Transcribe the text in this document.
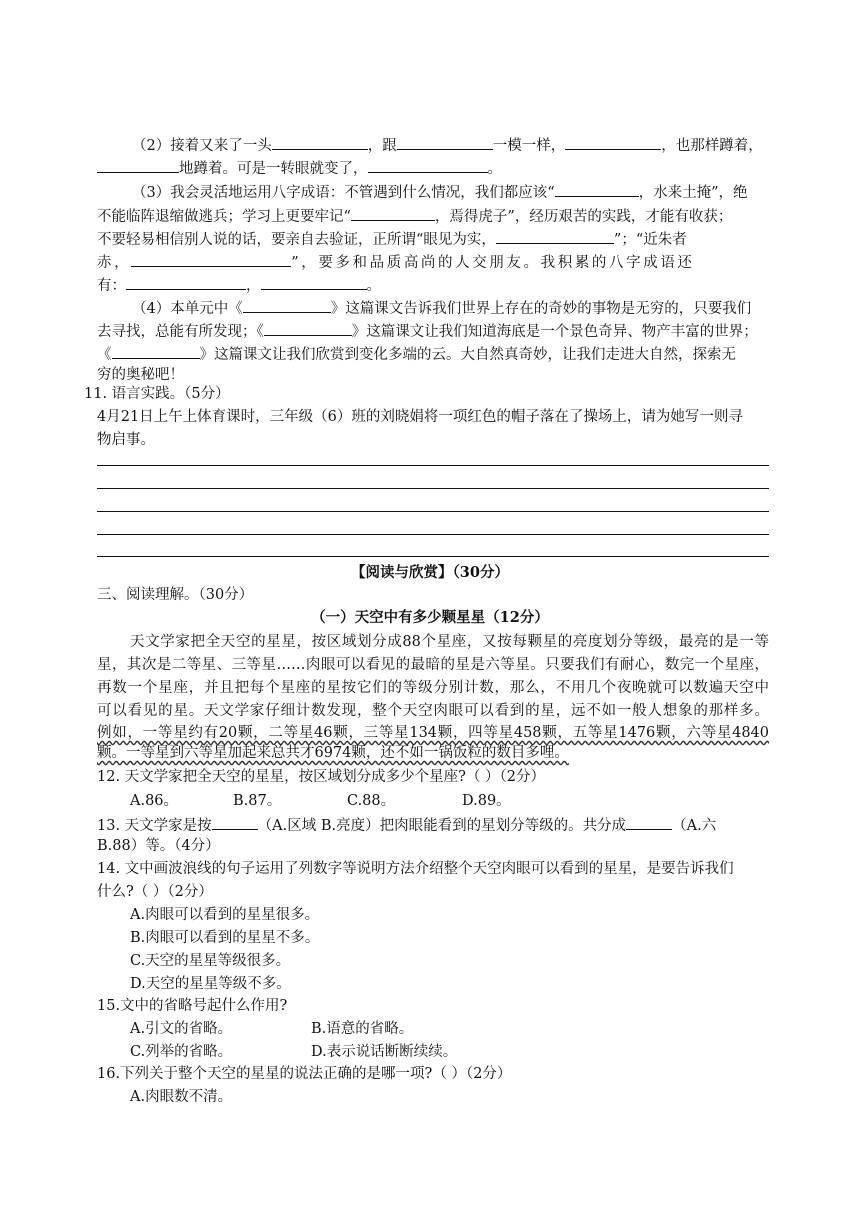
（2）接着又来了一头	，跟	一模一样，	，也那样蹲着，
地蹲着。可是一转眼就变了，	。
（3）我会灵活地运用八字成语：不管遇到什么情况，我们都应该“	，水来土掩”，绝
不能临阵退缩做逃兵；学习上更要牢记“	，焉得虎子”，经历艰苦的实践，才能有收获；
不要轻易相信别人说的话，要亲自去验证，正所谓“眼见为实，	”；“近朱者
赤，	”，要多和品质高尚的人交朋友。我积累的八字成语还
有：	，	。
（4）本单元中《	》这篇课文告诉我们世界上存在的奇妙的事物是无穷的，只要我们
去寻找，总能有所发现；《	》这篇课文让我们知道海底是一个景色奇异、物产丰富的世界；
《	》这篇课文让我们欣赏到变化多端的云。大自然真奇妙，让我们走进大自然，探索无
穷的奥秘吧！
11. 语言实践。（5分）
4月21日上午上体育课时，三年级（6）班的刘晓娟将一项红色的帽子落在了操场上，请为她写一则寻
物启事。
【阅读与欣赏】（30分）
三、阅读理解。（30分）
（一）天空中有多少颗星星（12分）
天文学家把全天空的星星，按区域划分成88个星座，又按每颗星的亮度划分等级，最亮的是一等
星，其次是二等星、三等星……肉眼可以看见的最暗的星是六等星。只要我们有耐心，数完一个星座，
再数一个星座，并且把每个星座的星按它们的等级分别计数，那么，不用几个夜晚就可以数遍天空中
可以看见的星。天文学家仔细计数发现，整个天空肉眼可以看到的星，远不如一般人想象的那样多。
例如，一等星约有20颗，二等星46颗，三等星134颗，四等星458颗，五等星1476颗，六等星4840
颗。一等星到六等星加起来总共才6974颗，还不如一锅饭粒的数目多哩。
12. 天文学家把全天空的星星，按区域划分成多少个星座?（ ）（2分）
A.86。	B.87。	C.88。	D.89。
13. 天文学家是按	（A.区域 B.亮度）把肉眼能看到的星划分等级的。共分成	（A.六
B.88）等。（4分）
14. 文中画波浪线的句子运用了列数字等说明方法介绍整个天空肉眼可以看到的星星，是要告诉我们
什么?（ ）（2分）
A.肉眼可以看到的星星很多。
B.肉眼可以看到的星星不多。
C.天空的星星等级很多。
D.天空的星星等级不多。
15.文中的省略号起什么作用?
A.引文的省略。	B.语意的省略。
C.列举的省略。	D.表示说话断断续续。
16.下列关于整个天空的星星的说法正确的是哪一项?（ ）（2分）
A.肉眼数不清。
